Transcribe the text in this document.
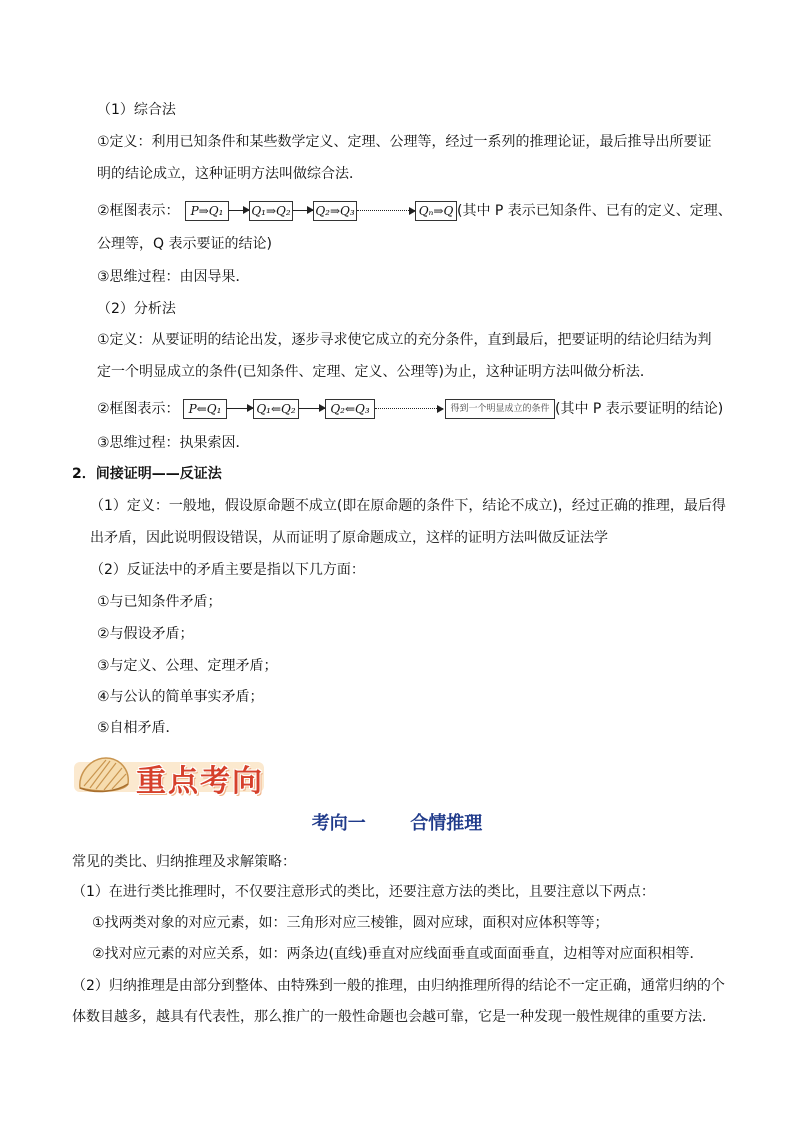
（1）综合法
①定义：利用已知条件和某些数学定义、定理、公理等，经过一系列的推理论证，最后推导出所要证
明的结论成立，这种证明方法叫做综合法．
②框图表示： P⇒Q₁	Q₁⇒Q₂ Q₂⇒Q₃	Qₙ⇒Q (其中 P 表示已知条件、已有的定义、定理、
公理等，Q 表示要证的结论)
③思维过程：由因导果．
（2）分析法
①定义：从要证明的结论出发，逐步寻求使它成立的充分条件，直到最后，把要证明的结论归结为判
定一个明显成立的条件(已知条件、定理、定义、公理等)为止，这种证明方法叫做分析法．
②框图表示： P⇐Q₁	Q₁⇐Q₂	Q₂⇐Q₃	得到一个明显成立的条件 (其中 P 表示要证明的结论)
③思维过程：执果索因．
2．间接证明——反证法
（1）定义：一般地，假设原命题不成立(即在原命题的条件下，结论不成立)，经过正确的推理，最后得
出矛盾，因此说明假设错误，从而证明了原命题成立，这样的证明方法叫做反证法学
（2）反证法中的矛盾主要是指以下几方面：
①与已知条件矛盾；
②与假设矛盾；
③与定义、公理、定理矛盾；
④与公认的简单事实矛盾；
⑤自相矛盾．
重点考向
考向一 合情推理
常见的类比、归纳推理及求解策略：
（1）在进行类比推理时，不仅要注意形式的类比，还要注意方法的类比，且要注意以下两点：
①找两类对象的对应元素，如：三角形对应三棱锥，圆对应球，面积对应体积等等；
②找对应元素的对应关系，如：两条边(直线)垂直对应线面垂直或面面垂直，边相等对应面积相等．
（2）归纳推理是由部分到整体、由特殊到一般的推理，由归纳推理所得的结论不一定正确，通常归纳的个
体数目越多，越具有代表性，那么推广的一般性命题也会越可靠，它是一种发现一般性规律的重要方法．
